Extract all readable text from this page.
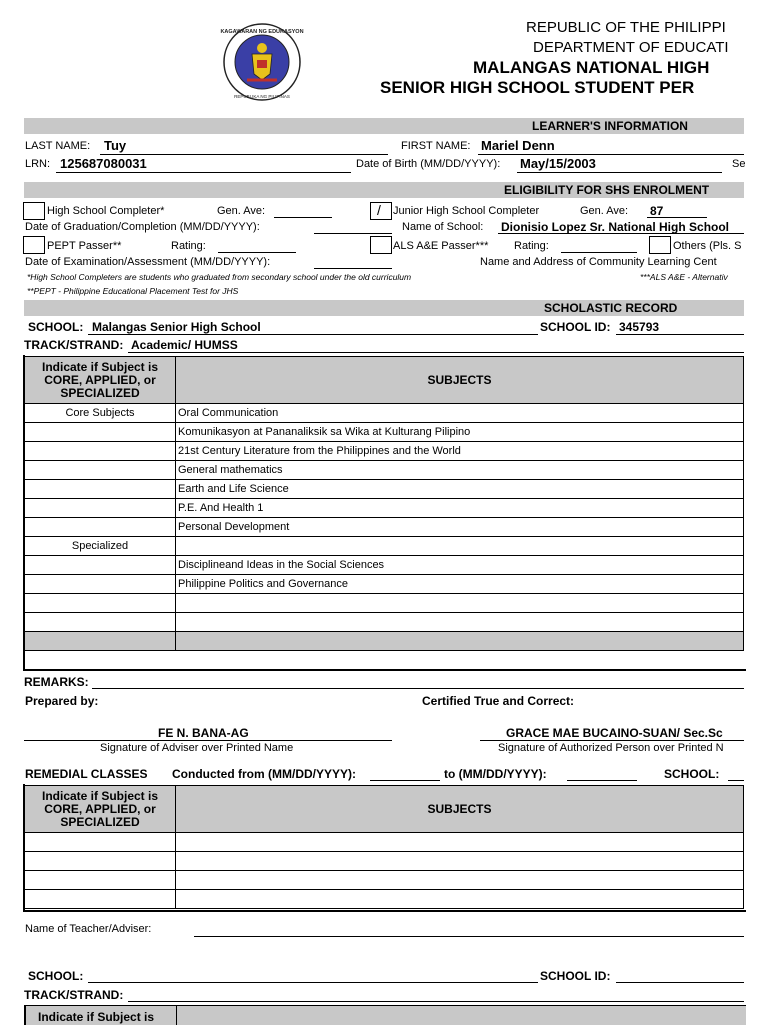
KAGAWARAN NG EDUKASYON
REPUBLIKA NG PILIPINAS
REPUBLIC OF THE PHILIPPI
DEPARTMENT OF EDUCATI
MALANGAS NATIONAL HIGH
SENIOR HIGH SCHOOL STUDENT PER
LEARNER'S INFORMATION
LAST NAME: Tuy	FIRST NAME: Mariel Denn
LRN: 125687080031	Date of Birth (MM/DD/YYYY): May/15/2003	Se
ELIGIBILITY FOR SHS ENROLMENT
High School Completer*	Gen. Ave:	/ Junior High School Completer	Gen. Ave: 87
Date of Graduation/Completion (MM/DD/YYYY):	Name of School: Dionisio Lopez Sr. National High School
PEPT Passer**	Rating:	ALS A&E Passer*** Rating:	Others (Pls. S
Date of Examination/Assessment (MM/DD/YYYY):	Name and Address of Community Learning Cent
*High School Completers are students who graduated from secondary school under the old curriculum	***ALS A&E - Alternativ
**PEPT - Philippine Educational Placement Test for JHS
SCHOLASTIC RECORD
SCHOOL: Malangas Senior High School	SCHOOL ID: 345793
TRACK/STRAND: Academic/ HUMSS
Indicate if Subject is CORE, APPLIED, or SPECIALIZED	SUBJECTS
Core Subjects	Oral Communication
	Komunikasyon at Pananaliksik sa Wika at Kulturang Pilipino
	21st Century Literature from the Philippines and the World
	General mathematics
	Earth and Life Science
	P.E. And Health 1
	Personal Development
Specialized	
	Disciplineand Ideas in the Social Sciences
	Philippine Politics and Governance

REMARKS:
Prepared by:	Certified True and Correct:
FE N. BANA-AG
Signature of Adviser over Printed Name
GRACE MAE BUCAINO-SUAN/ Sec.Sc
Signature of Authorized Person over Printed N
REMEDIAL CLASSES Conducted from (MM/DD/YYYY):	to (MM/DD/YYYY):	SCHOOL:
Indicate if Subject is CORE, APPLIED, or SPECIALIZED	SUBJECTS

Name of Teacher/Adviser:
SCHOOL:	SCHOOL ID:
TRACK/STRAND:
Indicate if Subject is
